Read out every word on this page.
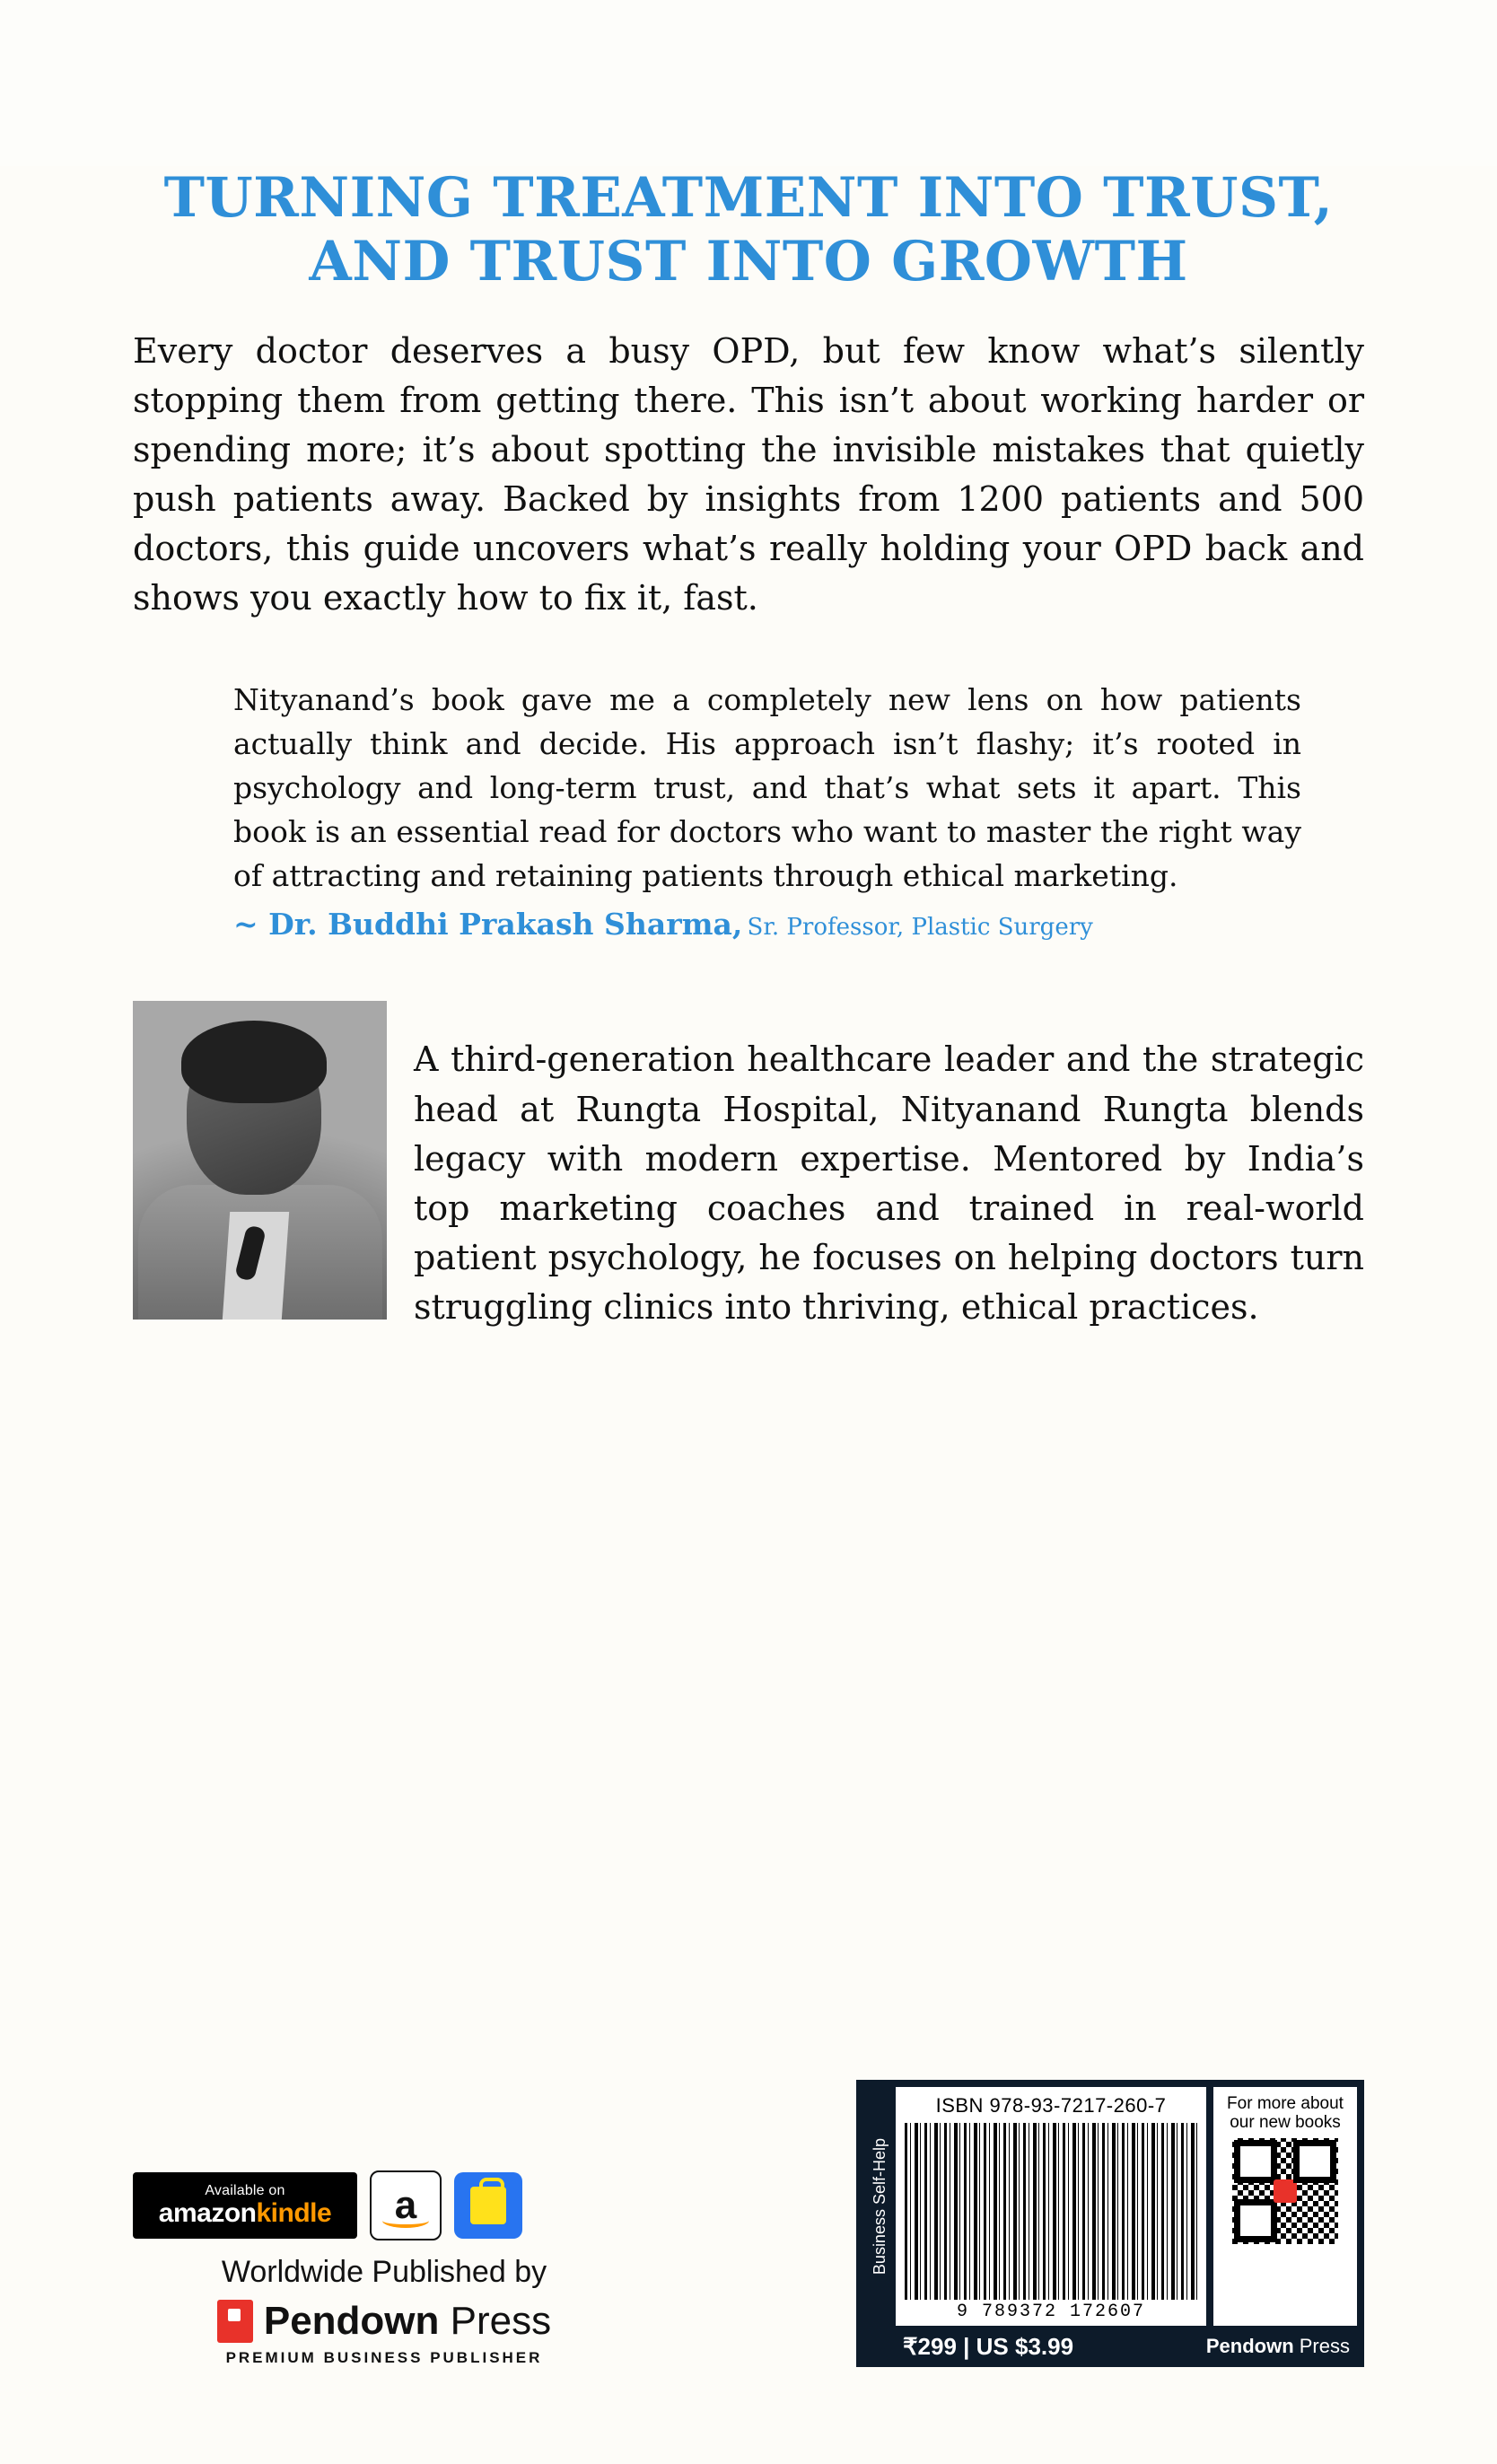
TURNING TREATMENT INTO TRUST,
AND TRUST INTO GROWTH

Every doctor deserves a busy OPD, but few know what’s silently stopping them from getting there. This isn’t about working harder or spending more; it’s about spotting the invisible mistakes that quietly push patients away. Backed by insights from 1200 patients and 500 doctors, this guide uncovers what’s really holding your OPD back and shows you exactly how to fix it, fast.

Nityanand’s book gave me a completely new lens on how patients actually think and decide. His approach isn’t flashy; it’s rooted in psychology and long-term trust, and that’s what sets it apart. This book is an essential read for doctors who want to master the right way of attracting and retaining patients through ethical marketing.

~ Dr. Buddhi Prakash Sharma, Sr. Professor, Plastic Surgery

A third-generation healthcare leader and the strategic head at Rungta Hospital, Nityanand Rungta blends legacy with modern expertise. Mentored by India’s top marketing coaches and trained in real-world patient psychology, he focuses on helping doctors turn struggling clinics into thriving, ethical practices.

Available on
amazonkindle a
Worldwide Published by
Pendown Press
PREMIUM BUSINESS PUBLISHER
Business Self-Help
ISBN 978-93-7217-260-7
9 789372 172607
For more about our new books
₹299 | US $3.99	Pendown Press
